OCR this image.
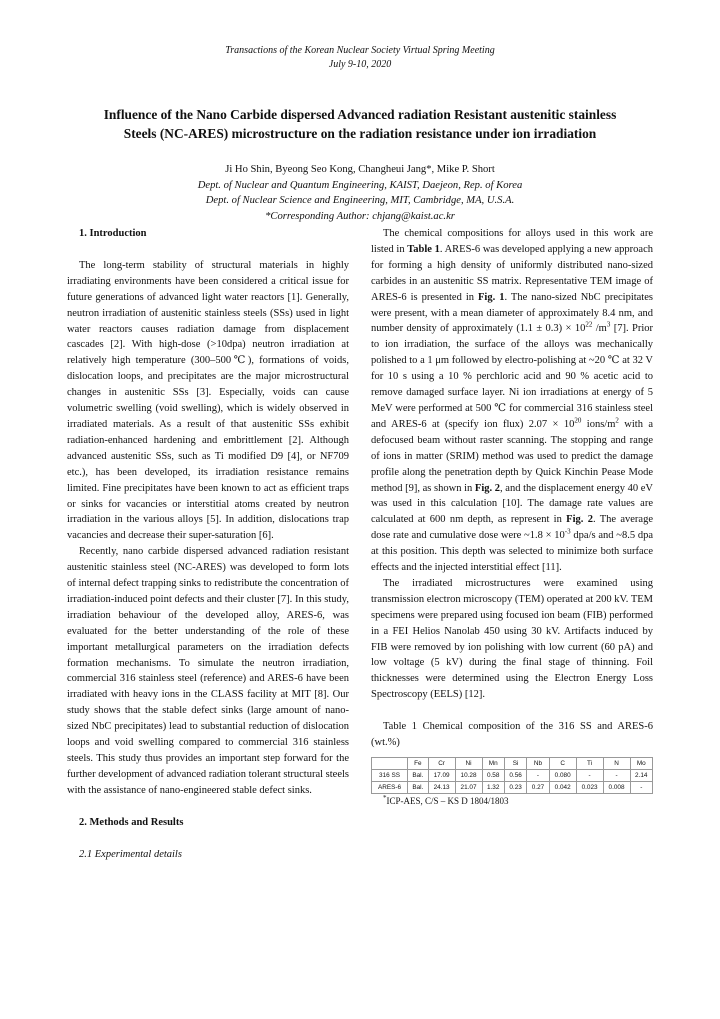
Transactions of the Korean Nuclear Society Virtual Spring Meeting
July 9-10, 2020
Influence of the Nano Carbide dispersed Advanced radiation Resistant austenitic stainless
Steels (NC-ARES) microstructure on the radiation resistance under ion irradiation
Ji Ho Shin, Byeong Seo Kong, Changheui Jang*, Mike P. Short
Dept. of Nuclear and Quantum Engineering, KAIST, Daejeon, Rep. of Korea
Dept. of Nuclear Science and Engineering, MIT, Cambridge, MA, U.S.A.
*Corresponding Author: chjang@kaist.ac.kr

1. Introduction

The long-term stability of structural materials in highly irradiating environments have been considered a critical issue for future generations of advanced light water reactors [1]. Generally, neutron irradiation of austenitic stainless steels (SSs) used in light water reactors causes radiation damage from displacement cascades [2]. With high-dose (>10dpa) neutron irradiation at relatively high temperature (300–500℃), formations of voids, dislocation loops, and precipitates are the major microstructural changes in austenitic SSs [3]. Especially, voids can cause volumetric swelling (void swelling), which is widely observed in irradiated materials. As a result of that austenitic SSs exhibit radiation-enhanced hardening and embrittlement [2]. Although advanced austenitic SSs, such as Ti modified D9 [4], or NF709 etc.), has been developed, its irradiation resistance remains limited. Fine precipitates have been known to act as efficient traps or sinks for vacancies or interstitial atoms created by neutron irradiation in the various alloys [5]. In addition, dislocations trap vacancies and decrease their super-saturation [6].

Recently, nano carbide dispersed advanced radiation resistant austenitic stainless steel (NC-ARES) was developed to form lots of internal defect trapping sinks to redistribute the concentration of irradiation-induced point defects and their cluster [7]. In this study, irradiation behaviour of the developed alloy, ARES-6, was evaluated for the better understanding of the role of these important metallurgical parameters on the irradiation defects formation mechanisms. To simulate the neutron irradiation, commercial 316 stainless steel (reference) and ARES-6 have been irradiated with heavy ions in the CLASS facility at MIT [8]. Our study shows that the stable defect sinks (large amount of nano-sized NbC precipitates) lead to substantial reduction of dislocation loops and void swelling compared to commercial 316 stainless steels. This study thus provides an important step forward for the further development of advanced radiation tolerant structural steels with the assistance of nano-engineered stable defect sinks.

2. Methods and Results

2.1 Experimental details

The chemical compositions for alloys used in this work are listed in Table 1. ARES-6 was developed applying a new approach for forming a high density of uniformly distributed nano-sized carbides in an austenitic SS matrix. Representative TEM image of ARES-6 is presented in Fig. 1. The nano-sized NbC precipitates were present, with a mean diameter of approximately 8.4 nm, and number density of approximately $(1.1 \pm 0.3) \times 10^{22}$ $/m^3$ [7]. Prior to ion irradiation, the surface of the alloys was mechanically polished to a 1 μm followed by electro-polishing at ~20 ℃ at 32 V for 10 s using a 10 % perchloric acid and 90 % acetic acid to remove damaged surface layer. Ni ion irradiations at energy of 5 MeV were performed at 500 ℃ for commercial 316 stainless steel and ARES-6 at (specify ion flux) $2.07 \times 10^{20}$ ions/$m^2$ with a defocused beam without raster scanning. The stopping and range of ions in matter (SRIM) method was used to predict the damage profile along the penetration depth by Quick Kinchin Pease Mode method [9], as shown in Fig. 2, and the displacement energy 40 eV was used in this calculation [10]. The damage rate values are calculated at 600 nm depth, as represent in Fig. 2. The average dose rate and cumulative dose were ~1.8 × $10^{-3}$ dpa/s and ~8.5 dpa at this position. This depth was selected to minimize both surface effects and the injected interstitial effect [11].

The irradiated microstructures were examined using transmission electron microscopy (TEM) operated at 200 kV. TEM specimens were prepared using focused ion beam (FIB) performed in a FEI Helios Nanolab 450 using 30 kV. Artifacts induced by FIB were removed by ion polishing with low current (60 pA) and low voltage (5 kV) during the final stage of thinning. Foil thicknesses were determined using the Electron Energy Loss Spectroscopy (EELS) [12].

Table 1 Chemical composition of the 316 SS and ARES-6 (wt.%)

	Fe	Cr	Ni	Mn	Si	Nb	C	Ti	N	Mo
316 SS	Bal.	17.09	10.28	0.58	0.56	-	0.080	-	-	2.14
ARES-6	Bal.	24.13	21.07	1.32	0.23	0.27	0.042	0.023	0.008	-

*ICP-AES, C/S – KS D 1804/1803
